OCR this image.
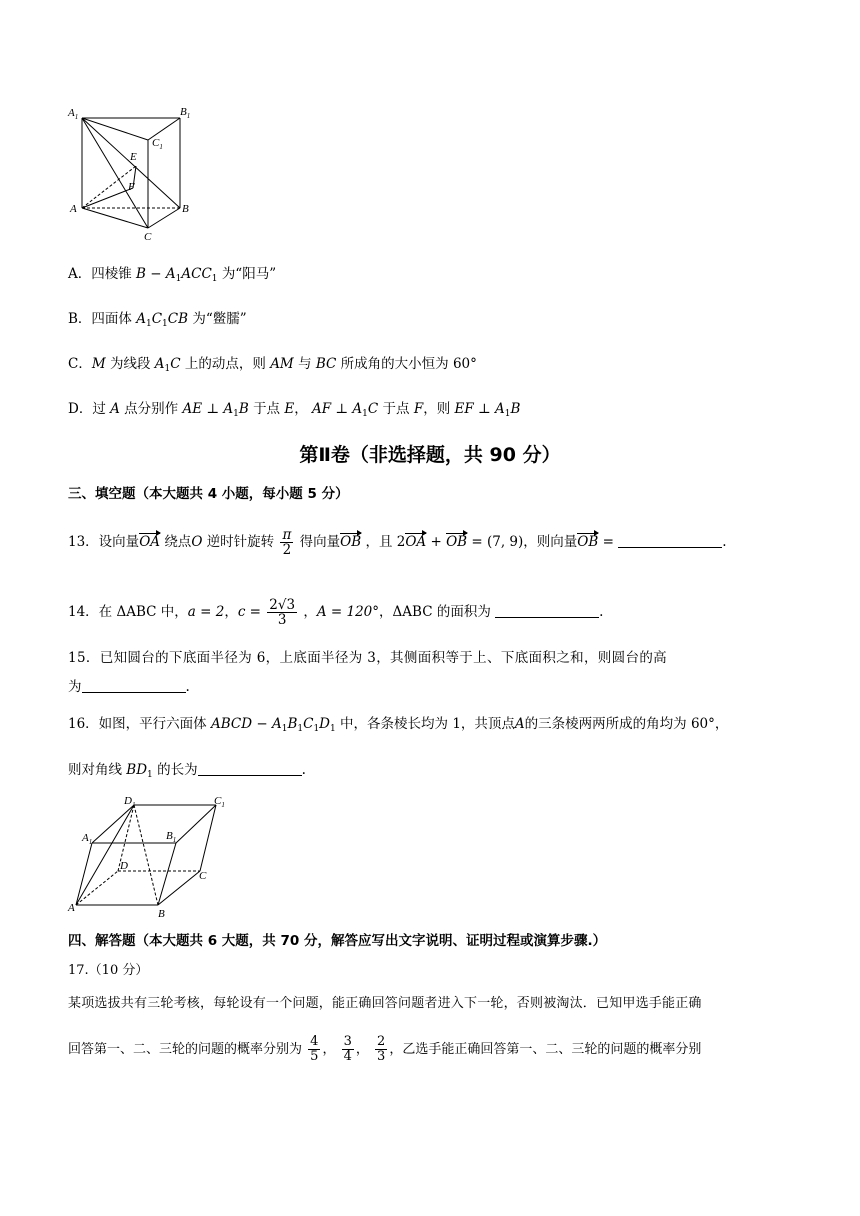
$A_1$	$B_1$
$C_1$
E
F
A	B
C
A．四棱锥 $B - A_1ACC_1$ 为“阳马”
B．四面体 $A_1C_1CB$ 为“鳖臑”
C．M 为线段 $A_1C$ 上的动点，则 AM 与 BC 所成角的大小恒为 60°
D．过 A 点分别作 AE ⊥ $A_1B$ 于点 E， AF ⊥ $A_1C$ 于点 F，则 EF ⊥ $A_1B$
第Ⅱ卷（非选择题，共 90 分）
三、填空题（本大题共 4 小题，每小题 5 分）
13．设向量OA 绕点O 逆时针旋转 $\frac{\pi}{2}$ 得向量OB ，且 2OA + OB = (7, 9)，则向量OB =	.
14．在 ΔABC 中，a = 2，$c = \frac{2√3}{3}$ ，A = 120°，ΔABC 的面积为	.
15．已知圆台的下底面半径为 6，上底面半径为 3，其侧面积等于上、下底面积之和，则圆台的高
为	.
16．如图，平行六面体 ABCD − $A_1B_1C_1D_1$ 中，各条棱长均为 1，共顶点A的三条棱两两所成的角均为 60°，
则对角线 $BD_1$ 的长为	.
$D_1$	$C_1$
$A_1$	$B_1$
D
C
A	B
四、解答题（本大题共 6 大题，共 70 分，解答应写出文字说明、证明过程或演算步骤.）
17.（10 分）
某项选拔共有三轮考核，每轮设有一个问题，能正确回答问题者进入下一轮，否则被淘汰．已知甲选手能正确
回答第一、二、三轮的问题的概率分别为 $\frac{4}{5}$ ， $\frac{3}{4}$ ， $\frac{2}{3}$ ，乙选手能正确回答第一、二、三轮的问题的概率分别
